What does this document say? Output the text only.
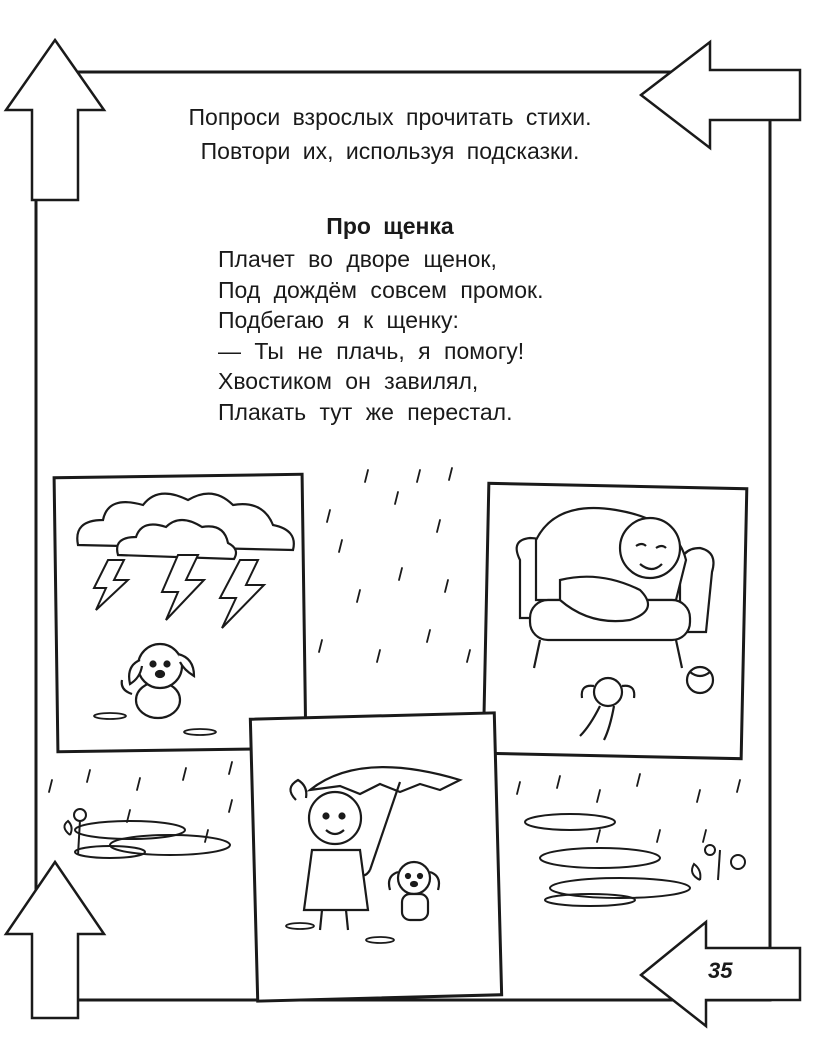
Попроси взрослых прочитать стихи.
Повтори их, используя подсказки.
Про щенка
Плачет во дворе щенок,
Под дождём совсем промок.
Подбегаю я к щенку:
— Ты не плачь, я помогу!
Хвостиком он завилял,
Плакать тут же перестал.
35
